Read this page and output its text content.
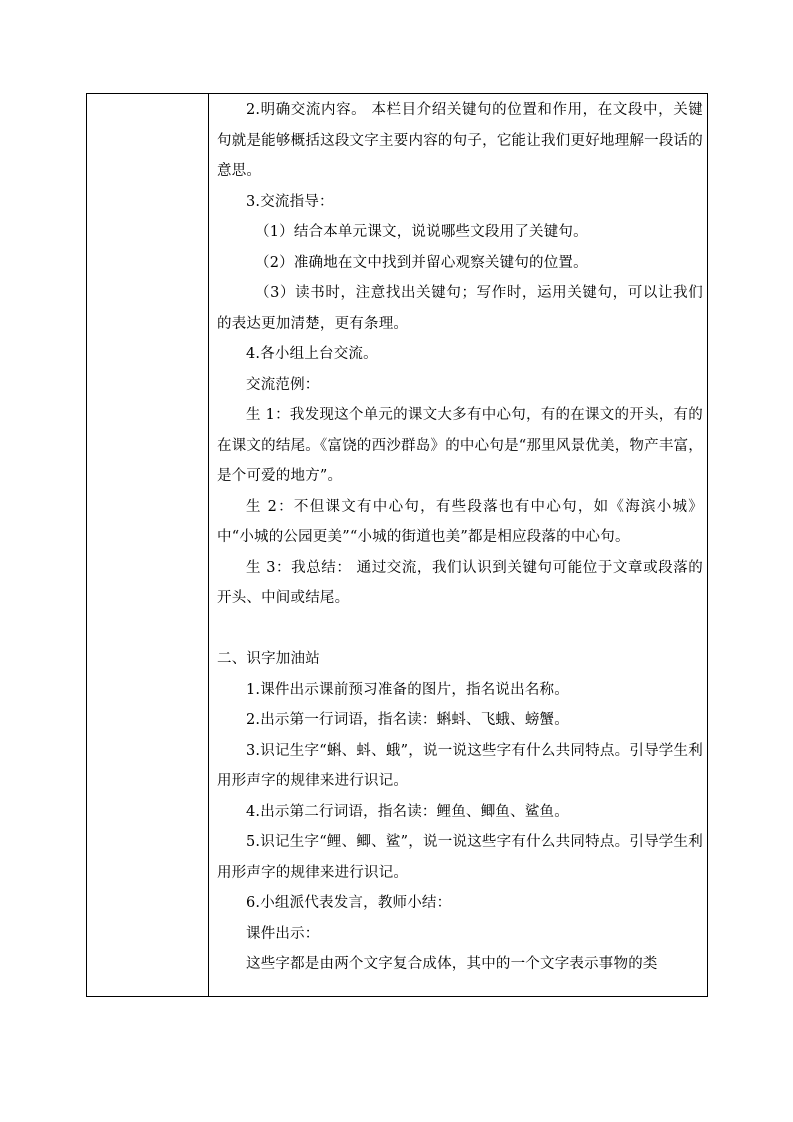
2.明确交流内容。 本栏目介绍关键句的位置和作用，在文段中，关键句就是能够概括这段文字主要内容的句子，它能让我们更好地理解一段话的意思。

3.交流指导：

（1）结合本单元课文，说说哪些文段用了关键句。

（2）准确地在文中找到并留心观察关键句的位置。

（3）读书时，注意找出关键句；写作时，运用关键句，可以让我们的表达更加清楚，更有条理。

4.各小组上台交流。

交流范例：

生 1：我发现这个单元的课文大多有中心句，有的在课文的开头，有的在课文的结尾。《富饶的西沙群岛》的中心句是“那里风景优美，物产丰富，是个可爱的地方”。

生 2：不但课文有中心句，有些段落也有中心句，如《海滨小城》中“小城的公园更美”“小城的街道也美”都是相应段落的中心句。

生 3：我总结： 通过交流，我们认识到关键句可能位于文章或段落的开头、中间或结尾。

二、识字加油站

1.课件出示课前预习准备的图片，指名说出名称。

2.出示第一行词语，指名读：蝌蚪、飞蛾、螃蟹。

3.识记生字“蝌、蚪、蛾”，说一说这些字有什么共同特点。引导学生利用形声字的规律来进行识记。

4.出示第二行词语，指名读：鲤鱼、鲫鱼、鲨鱼。

5.识记生字“鲤、鲫、鲨”，说一说这些字有什么共同特点。引导学生利用形声字的规律来进行识记。

6.小组派代表发言，教师小结：

课件出示：

这些字都是由两个文字复合成体，其中的一个文字表示事物的类
